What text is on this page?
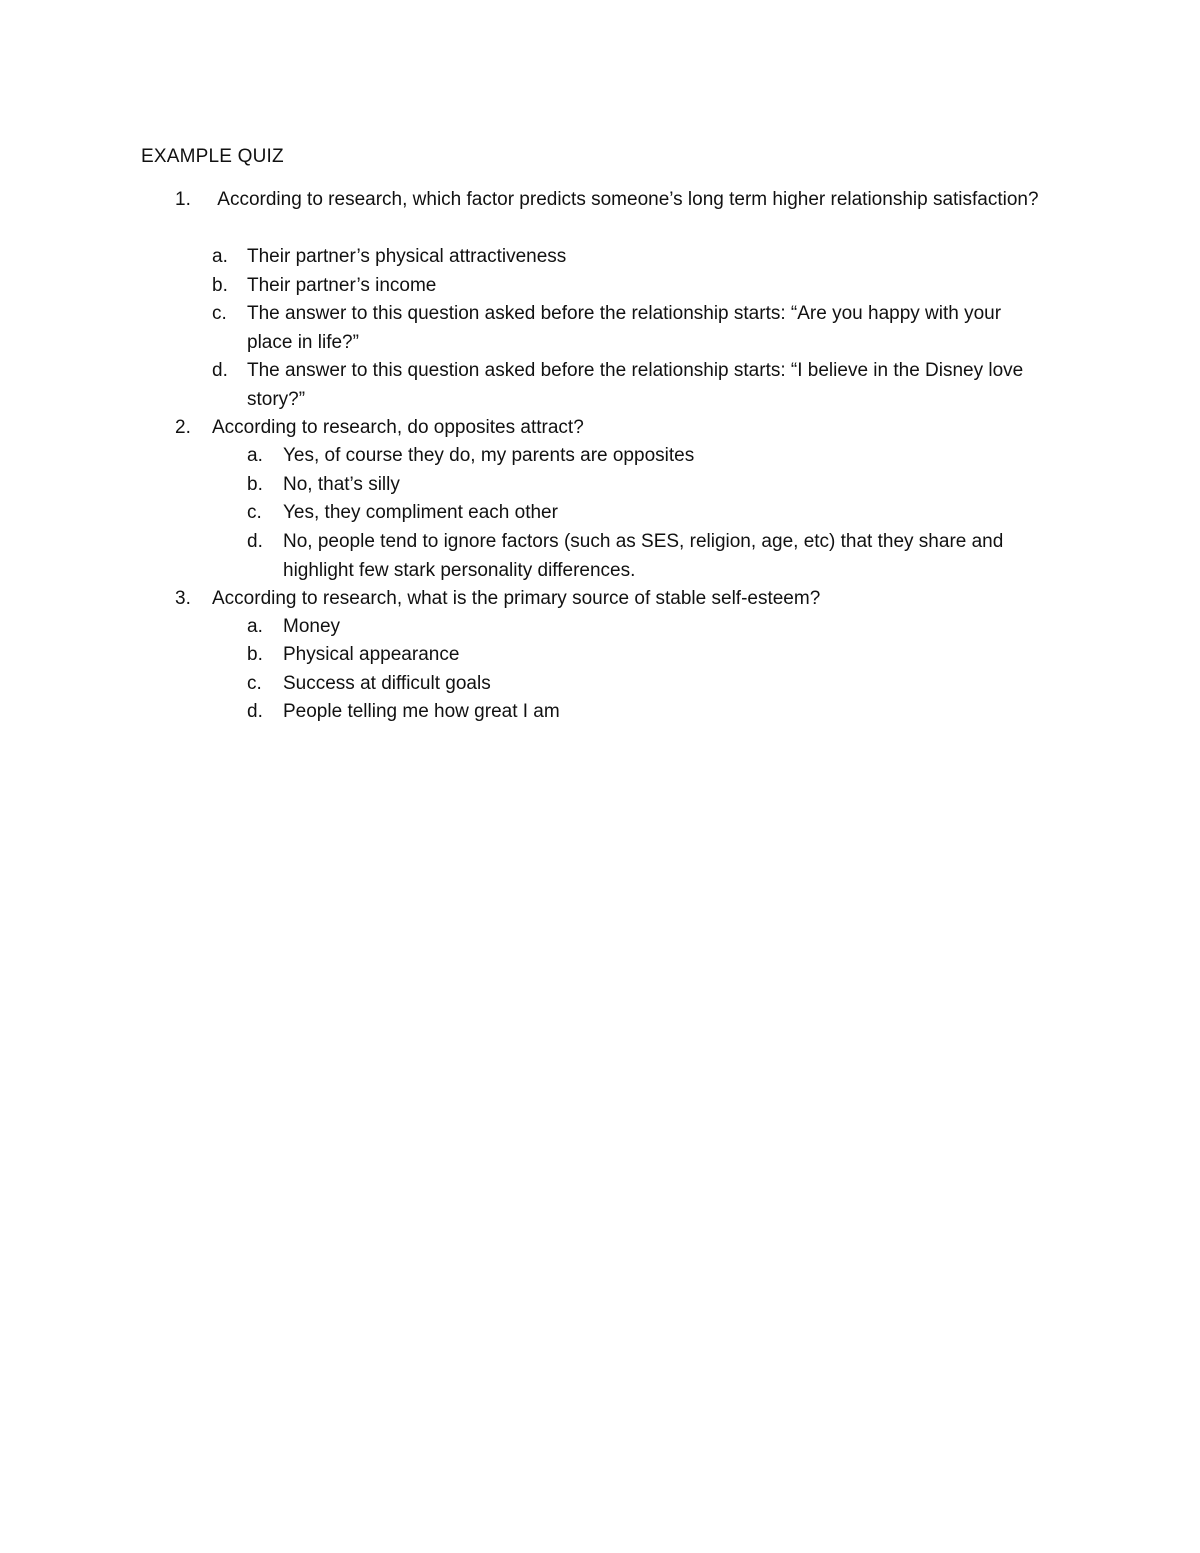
EXAMPLE QUIZ
1. According to research, which factor predicts someone’s long term higher relationship satisfaction?
a. Their partner’s physical attractiveness
b. Their partner’s income
c. The answer to this question asked before the relationship starts: “Are you happy with your place in life?”
d. The answer to this question asked before the relationship starts: “I believe in the Disney love story?”
2. According to research, do opposites attract?
a. Yes, of course they do, my parents are opposites
b. No, that’s silly
c. Yes, they compliment each other
d. No, people tend to ignore factors (such as SES, religion, age, etc) that they share and highlight few stark personality differences.
3. According to research, what is the primary source of stable self-esteem?
a. Money
b. Physical appearance
c. Success at difficult goals
d. People telling me how great I am
